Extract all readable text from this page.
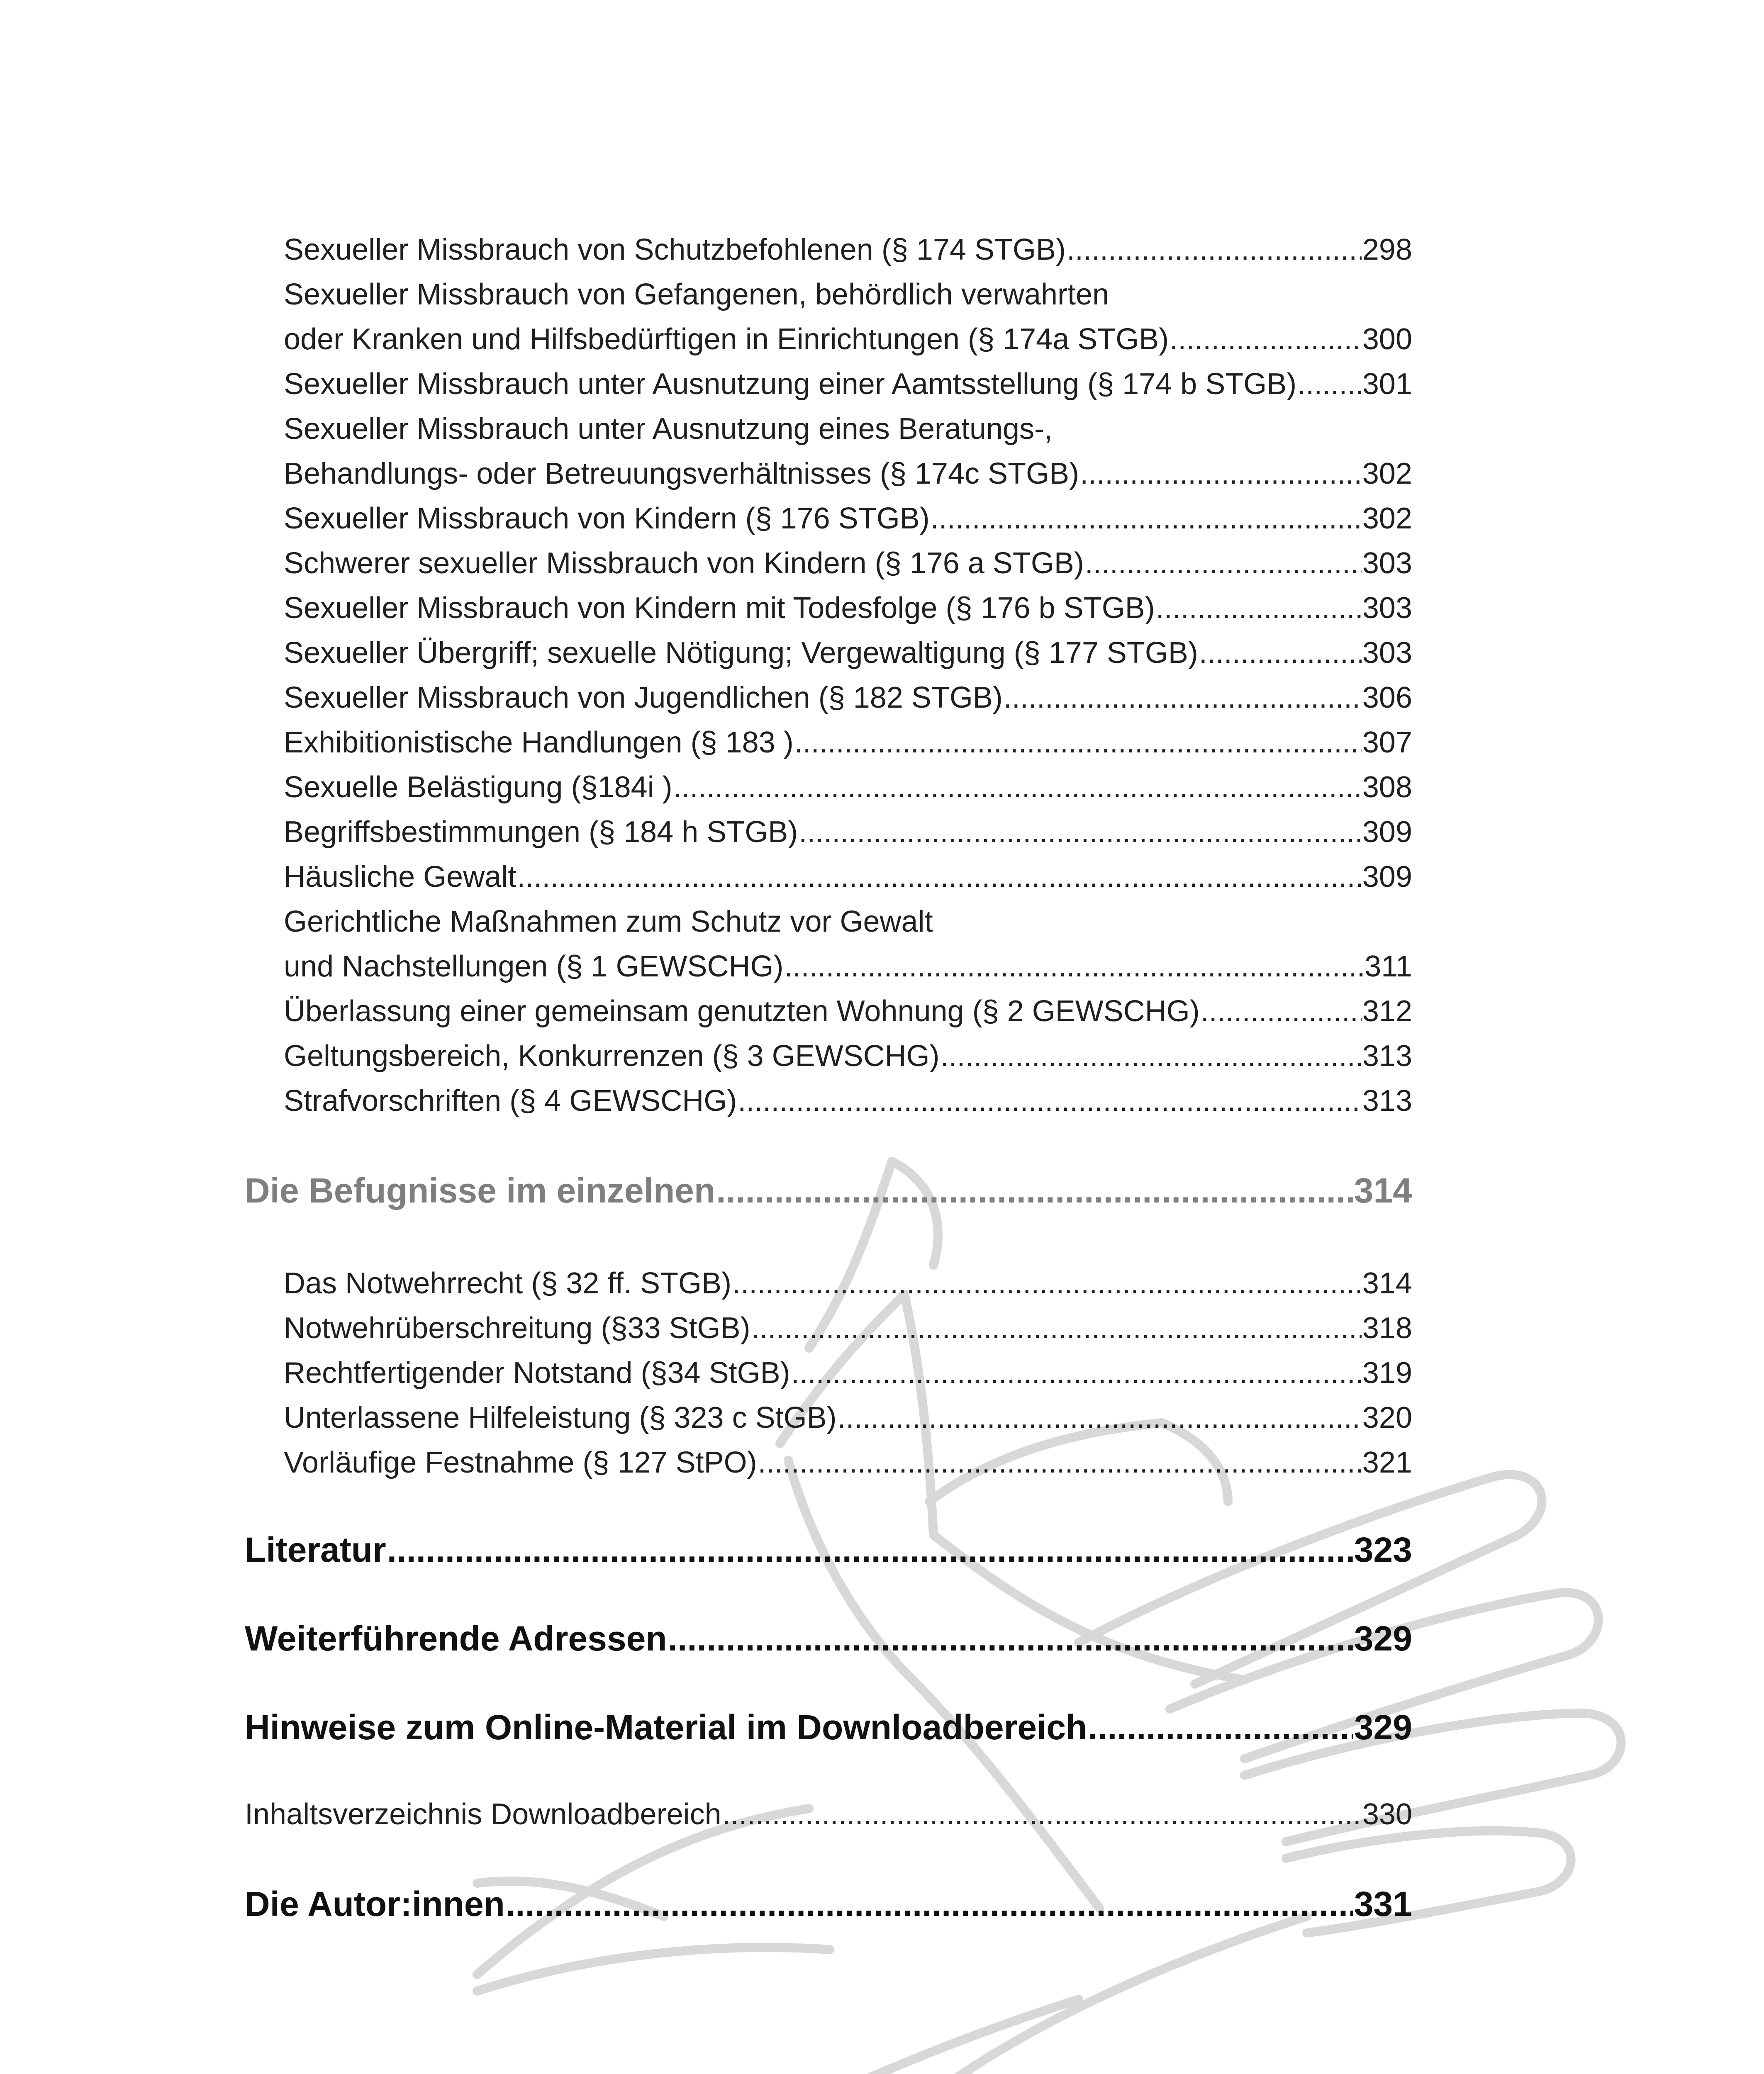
Sexueller Missbrauch von Schutzbefohlenen (§ 174 STGB) .....	298
Sexueller Missbrauch von Gefangenen, behördlich verwahrten
oder Kranken und Hilfsbedürftigen in Einrichtungen (§ 174a STGB) .....	300
Sexueller Missbrauch unter Ausnutzung einer Aamtsstellung (§ 174 b STGB) ..... 301
Sexueller Missbrauch unter Ausnutzung eines Beratungs-,
Behandlungs- oder Betreuungsverhältnisses (§ 174c STGB) .....	302
Sexueller Missbrauch von Kindern (§ 176 STGB) .....	302
Schwerer sexueller Missbrauch von Kindern (§ 176 a STGB) .....	303
Sexueller Missbrauch von Kindern mit Todesfolge (§ 176 b STGB) .....	303
Sexueller Übergriff; sexuelle Nötigung; Vergewaltigung (§ 177 STGB) .....	303
Sexueller Missbrauch von Jugendlichen (§ 182 STGB) .....	306
Exhibitionistische Handlungen (§ 183 ) .....	307
Sexuelle Belästigung (§184i ) .....	308
Begriffsbestimmungen (§ 184 h STGB) .....	309
Häusliche Gewalt .....	309
Gerichtliche Maßnahmen zum Schutz vor Gewalt
und Nachstellungen (§ 1 GEWSCHG) .....	311
Überlassung einer gemeinsam genutzten Wohnung (§ 2 GEWSCHG) .....	312
Geltungsbereich, Konkurrenzen (§ 3 GEWSCHG) .....	313
Strafvorschriften (§ 4 GEWSCHG) .....	313
Die Befugnisse im einzelnen .....	314
Das Notwehrrecht (§ 32 ff. STGB) .....	314
Notwehrüberschreitung (§33 StGB) .....	318
Rechtfertigender Notstand (§34 StGB) .....	319
Unterlassene Hilfeleistung (§ 323 c StGB) .....	320
Vorläufige Festnahme (§ 127 StPO) .....	321
Literatur .....	323
Weiterführende Adressen .....	329
Hinweise zum Online-Material im Downloadbereich .....	329
Inhaltsverzeichnis Downloadbereich .....	330
Die Autor:innen .....	331
